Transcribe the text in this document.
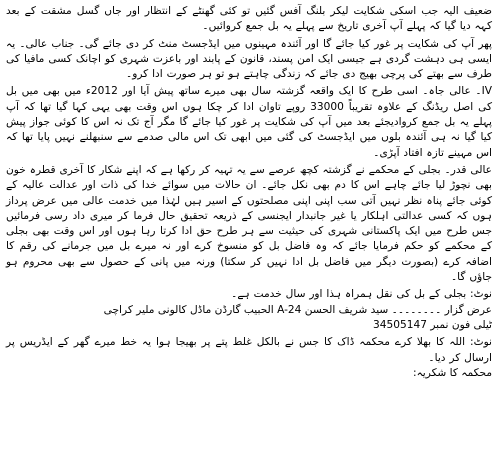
ضعیف الیہ جب اسکی شکایت لیکر بلنگ آفس گئیں تو کئی گھنٹے کے انتظار اور جاں گسل مشقت کے بعد کہہ دیا گیا کہ پہلے آپ آخری تاریخ سے پہلے یہ بل جمع کروائیں۔

پھر آپ کی شکایت پر غور کیا جائے گا اور آئندہ مہینوں میں ایڈجسٹ منٹ کر دی جائے گی۔ جناب عالی۔ یہ ایسی ہی دہشت گردی ہے جیسی ایک امن پسند، قانون کے پابند اور باعزت شہری کو اچانک کسی مافیا کی طرف سے بھتے کی پرچی بھیج دی جائے کہ زندگی چاہتے ہو تو ہر صورت ادا کرو۔

IV۔ عالی جاہ۔ اسی طرح کا ایک واقعہ گزشتہ سال بھی میرے ساتھ پیش آیا اور 2012ء میں بھی میں بل کی اصل ریڈنگ کے علاوہ تقریباً 33000 روپے تاوان ادا کر چکا ہوں اس وقت بھی یہی کہا گیا تھا کہ آپ پہلے یہ بل جمع کروادیجئے بعد میں آپ کی شکایت پر غور کیا جائے گا مگر آج تک نہ اس کا کوئی جواز پیش کیا گیا نہ ہی آئندہ بلوں میں ایڈجسٹ کی گئی میں ابھی تک اس مالی صدمے سے سنبھلنے نہیں پایا تھا کہ اس مہینے تازہ افتاد آپڑی۔

عالی قدر۔ بجلی کے محکمے نے گزشتہ کچھ عرصے سے یہ تہیہ کر رکھا ہے کہ اپنے شکار کا آخری قطرہ خون بھی نچوڑ لیا جائے چاہے اس کا دم بھی نکل جائے۔ ان حالات میں سوائے خدا کی ذات اور عدالت عالیہ کے کوئی جائے پناہ نظر نہیں آتی سب اپنی اپنی مصلحتوں کے اسیر ہیں لہٰذا میں خدمت عالی میں عرض پرداز ہوں کہ کسی عدالتی اہلکار یا غیر جانبدار ایجنسی کے ذریعہ تحقیق حال فرما کر میری داد رسی فرمائیں جس طرح میں ایک پاکستانی شہری کی حیثیت سے ہر طرح حق ادا کرتا رہا ہوں اور اس وقت بھی بجلی کے محکمے کو حکم فرمایا جائے کہ وہ فاضل بل کو منسوخ کرے اور نہ میرے بل میں جرمانے کی رقم کا اضافہ کرے (بصورت دیگر میں فاضل بل ادا نہیں کر سکتا) ورنہ میں پانی کے حصول سے بھی محروم ہو جاؤں گا۔

نوٹ: بجلی کے بل کی نقل ہمراہ ہذا اور سال خدمت ہے۔

عرض گزار ۔۔۔۔۔۔۔۔ سید شریف الحسن A-24 الحبیب گارڈن ماڈل کالونی ملیر کراچی

ٹیلی فون نمبر 34505147

نوٹ: اللہ کا بھلا کرے محکمہ ڈاک کا جس نے بالکل غلط پتے پر بھیجا ہوا یہ خط میرے گھر کے ایڈریس پر ارسال کر دیا۔

محکمہ کا شکریہ:
